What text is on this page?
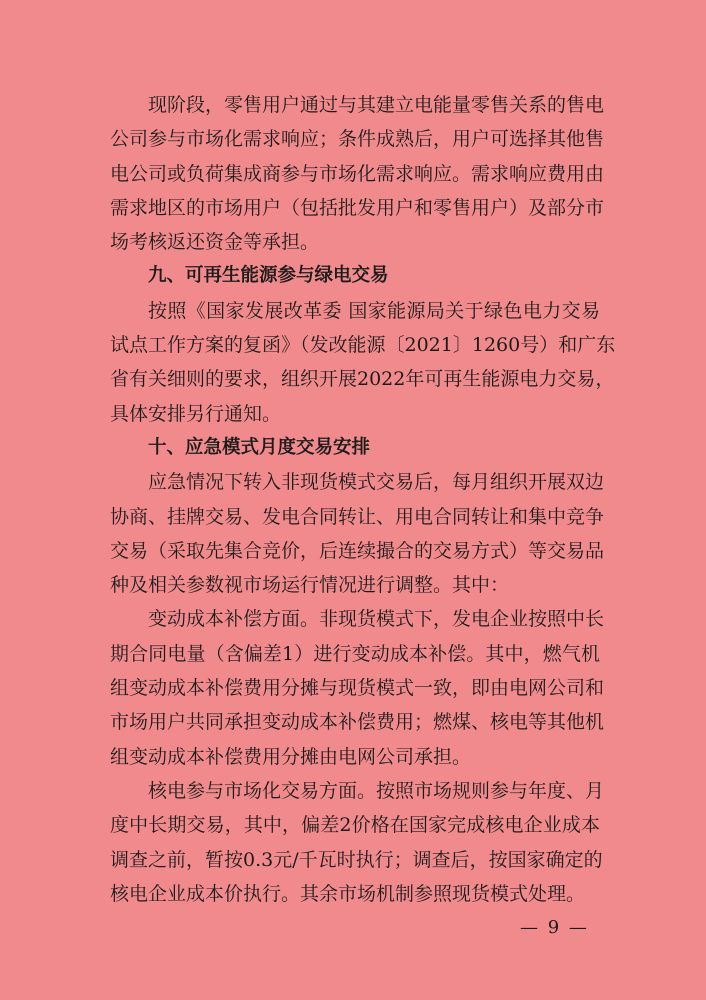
现阶段，零售用户通过与其建立电能量零售关系的售电
公司参与市场化需求响应；条件成熟后，用户可选择其他售
电公司或负荷集成商参与市场化需求响应。需求响应费用由
需求地区的市场用户（包括批发用户和零售用户）及部分市
场考核返还资金等承担。
九、可再生能源参与绿电交易
按照《国家发展改革委 国家能源局关于绿色电力交易
试点工作方案的复函》（发改能源〔2021〕1260号）和广东
省有关细则的要求，组织开展2022年可再生能源电力交易，
具体安排另行通知。
十、应急模式月度交易安排
应急情况下转入非现货模式交易后，每月组织开展双边
协商、挂牌交易、发电合同转让、用电合同转让和集中竞争
交易（采取先集合竞价，后连续撮合的交易方式）等交易品
种及相关参数视市场运行情况进行调整。其中：
变动成本补偿方面。非现货模式下，发电企业按照中长
期合同电量（含偏差1）进行变动成本补偿。其中，燃气机
组变动成本补偿费用分摊与现货模式一致，即由电网公司和
市场用户共同承担变动成本补偿费用；燃煤、核电等其他机
组变动成本补偿费用分摊由电网公司承担。
核电参与市场化交易方面。按照市场规则参与年度、月
度中长期交易，其中，偏差2价格在国家完成核电企业成本
调查之前，暂按0.3元/千瓦时执行；调查后，按国家确定的
核电企业成本价执行。其余市场机制参照现货模式处理。
— 9 —
